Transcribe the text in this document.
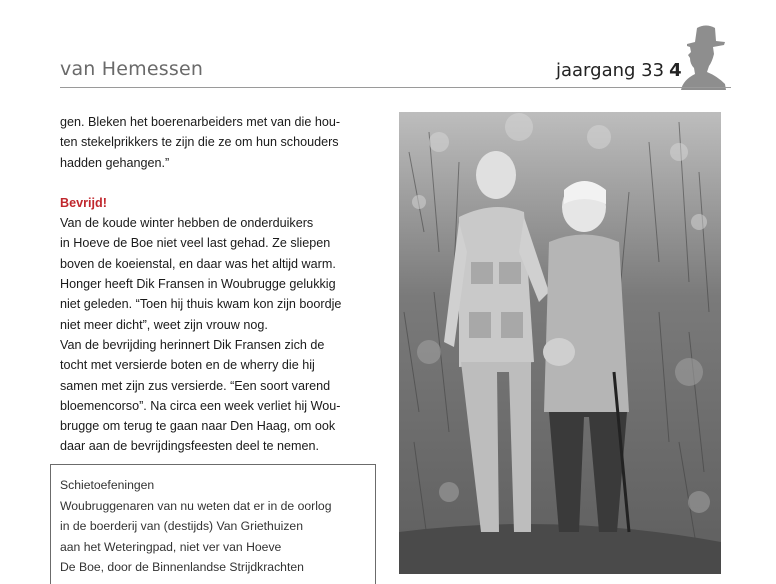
van Hemessen	jaargang 33 4

gen. Bleken het boerenarbeiders met van die hou-

ten stekelprikkers te zijn die ze om hun schouders

hadden gehangen.”

Bevrijd!

Van de koude winter hebben de onderduikers

in Hoeve de Boe niet veel last gehad. Ze sliepen

boven de koeienstal, en daar was het altijd warm.

Honger heeft Dik Fransen in Woubrugge gelukkig

niet geleden. “Toen hij thuis kwam kon zijn boordje

niet meer dicht”, weet zijn vrouw nog.

Van de bevrijding herinnert Dik Fransen zich de

tocht met versierde boten en de wherry die hij

samen met zijn zus versierde. “Een soort varend

bloemencorso”. Na circa een week verliet hij Wou-

brugge om terug te gaan naar Den Haag, om ook

daar aan de bevrijdingsfeesten deel te nemen.

Schietoefeningen
Woubruggenaren van nu weten dat er in de oorlog
in de boerderij van (destijds) Van Griethuizen
aan het Weteringpad, niet ver van Hoeve
De Boe, door de Binnenlandse Strijdkrachten
